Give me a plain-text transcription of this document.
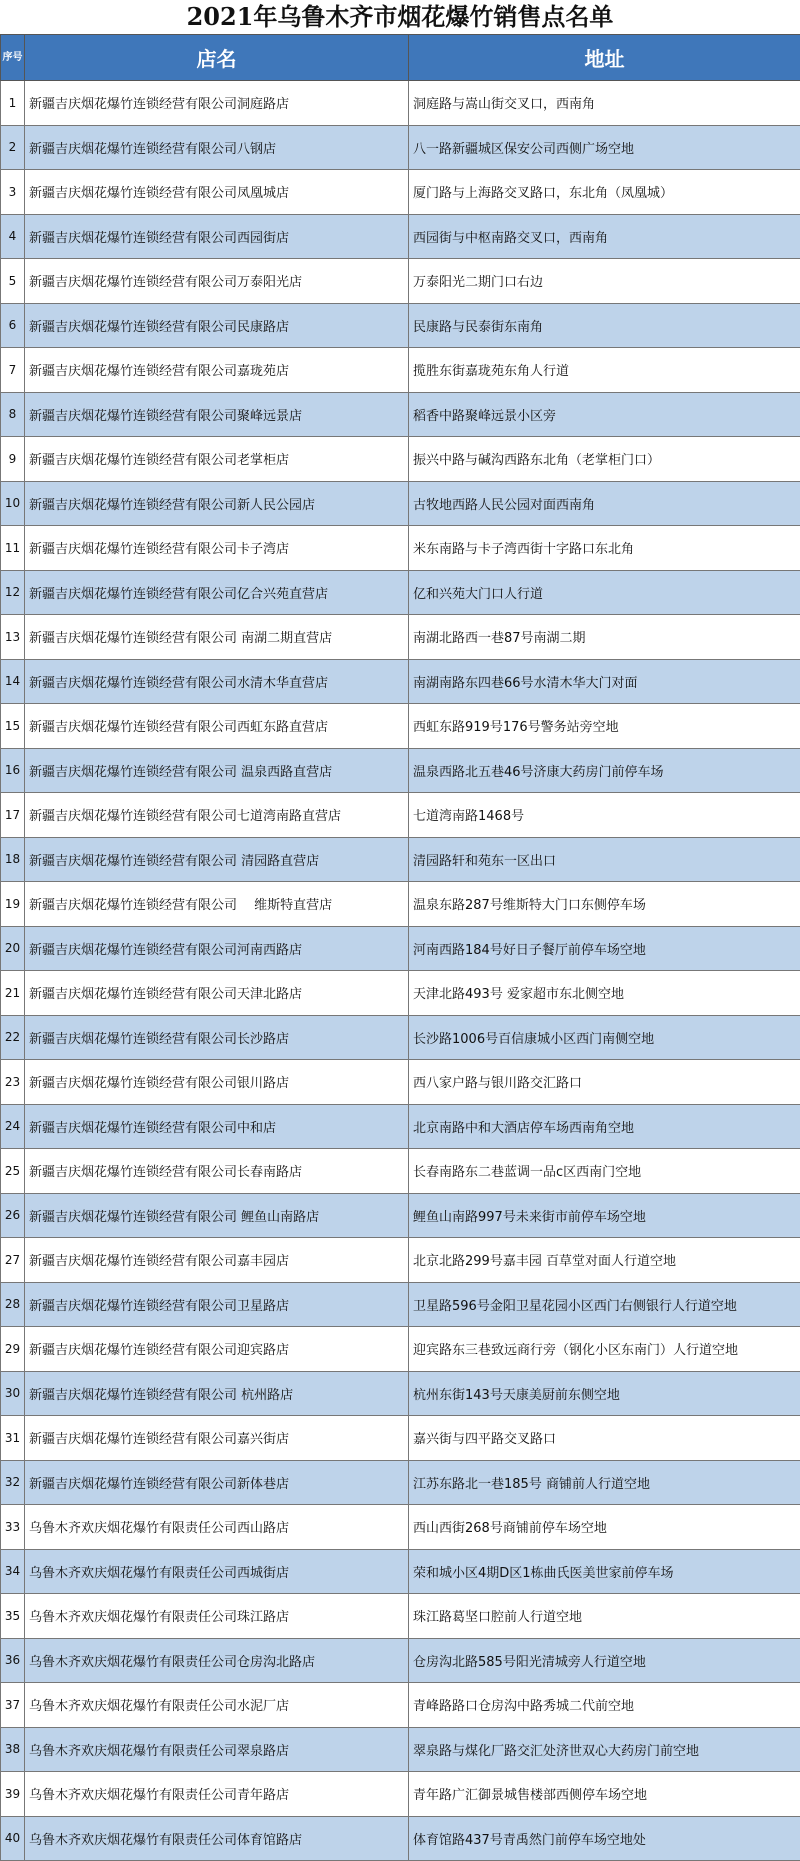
2021年乌鲁木齐市烟花爆竹销售点名单
序号	店名	地址
1	新疆吉庆烟花爆竹连锁经营有限公司洞庭路店	洞庭路与嵩山街交叉口，西南角
2	新疆吉庆烟花爆竹连锁经营有限公司八钢店	八一路新疆城区保安公司西侧广场空地
3	新疆吉庆烟花爆竹连锁经营有限公司凤凰城店	厦门路与上海路交叉路口，东北角（凤凰城）
4	新疆吉庆烟花爆竹连锁经营有限公司西园街店	西园街与中枢南路交叉口，西南角
5	新疆吉庆烟花爆竹连锁经营有限公司万泰阳光店	万泰阳光二期门口右边
6	新疆吉庆烟花爆竹连锁经营有限公司民康路店	民康路与民泰街东南角
7	新疆吉庆烟花爆竹连锁经营有限公司嘉珑苑店	揽胜东街嘉珑苑东角人行道
8	新疆吉庆烟花爆竹连锁经营有限公司聚峰远景店	稻香中路聚峰远景小区旁
9	新疆吉庆烟花爆竹连锁经营有限公司老掌柜店	振兴中路与碱沟西路东北角（老掌柜门口）
10	新疆吉庆烟花爆竹连锁经营有限公司新人民公园店	古牧地西路人民公园对面西南角
11	新疆吉庆烟花爆竹连锁经营有限公司卡子湾店	米东南路与卡子湾西街十字路口东北角
12	新疆吉庆烟花爆竹连锁经营有限公司亿合兴苑直营店	亿和兴苑大门口人行道
13	新疆吉庆烟花爆竹连锁经营有限公司 南湖二期直营店	南湖北路西一巷87号南湖二期
14	新疆吉庆烟花爆竹连锁经营有限公司水清木华直营店	南湖南路东四巷66号水清木华大门对面
15	新疆吉庆烟花爆竹连锁经营有限公司西虹东路直营店	西虹东路919号176号警务站旁空地
16	新疆吉庆烟花爆竹连锁经营有限公司 温泉西路直营店	温泉西路北五巷46号济康大药房门前停车场
17	新疆吉庆烟花爆竹连锁经营有限公司七道湾南路直营店	七道湾南路1468号
18	新疆吉庆烟花爆竹连锁经营有限公司 清园路直营店	清园路轩和苑东一区出口
19	新疆吉庆烟花爆竹连锁经营有限公司 　维斯特直营店	温泉东路287号维斯特大门口东侧停车场
20	新疆吉庆烟花爆竹连锁经营有限公司河南西路店	河南西路184号好日子餐厅前停车场空地
21	新疆吉庆烟花爆竹连锁经营有限公司天津北路店	天津北路493号 爱家超市东北侧空地
22	新疆吉庆烟花爆竹连锁经营有限公司长沙路店	长沙路1006号百信康城小区西门南侧空地
23	新疆吉庆烟花爆竹连锁经营有限公司银川路店	西八家户路与银川路交汇路口
24	新疆吉庆烟花爆竹连锁经营有限公司中和店	北京南路中和大酒店停车场西南角空地
25	新疆吉庆烟花爆竹连锁经营有限公司长春南路店	长春南路东二巷蓝调一品c区西南门空地
26	新疆吉庆烟花爆竹连锁经营有限公司 鲤鱼山南路店	鲤鱼山南路997号未来街市前停车场空地
27	新疆吉庆烟花爆竹连锁经营有限公司嘉丰园店	北京北路299号嘉丰园 百草堂对面人行道空地
28	新疆吉庆烟花爆竹连锁经营有限公司卫星路店	卫星路596号金阳卫星花园小区西门右侧银行人行道空地
29	新疆吉庆烟花爆竹连锁经营有限公司迎宾路店	迎宾路东三巷致远商行旁（钢化小区东南门）人行道空地
30	新疆吉庆烟花爆竹连锁经营有限公司 杭州路店	杭州东街143号天康美厨前东侧空地
31	新疆吉庆烟花爆竹连锁经营有限公司嘉兴街店	嘉兴街与四平路交叉路口
32	新疆吉庆烟花爆竹连锁经营有限公司新体巷店	江苏东路北一巷185号 商铺前人行道空地
33	乌鲁木齐欢庆烟花爆竹有限责任公司西山路店	西山西街268号商铺前停车场空地
34	乌鲁木齐欢庆烟花爆竹有限责任公司西城街店	荣和城小区4期D区1栋曲氏医美世家前停车场
35	乌鲁木齐欢庆烟花爆竹有限责任公司珠江路店	珠江路葛坚口腔前人行道空地
36	乌鲁木齐欢庆烟花爆竹有限责任公司仓房沟北路店	仓房沟北路585号阳光清城旁人行道空地
37	乌鲁木齐欢庆烟花爆竹有限责任公司水泥厂店	青峰路路口仓房沟中路秀城二代前空地
38	乌鲁木齐欢庆烟花爆竹有限责任公司翠泉路店	翠泉路与煤化厂路交汇处济世双心大药房门前空地
39	乌鲁木齐欢庆烟花爆竹有限责任公司青年路店	青年路广汇御景城售楼部西侧停车场空地
40	乌鲁木齐欢庆烟花爆竹有限责任公司体育馆路店	体育馆路437号青禹然门前停车场空地处
